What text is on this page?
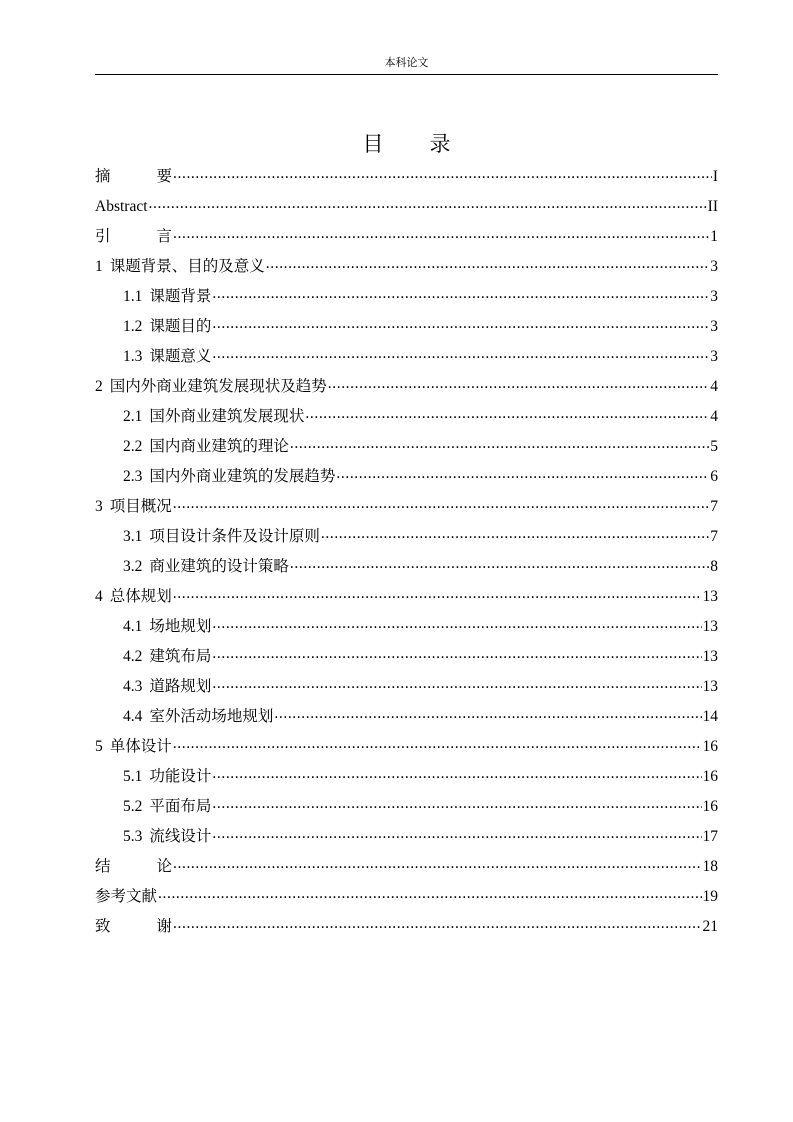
本科论文
目 录
摘	要 .....	I
Abstract .....	II
引	言 .....	1
1 课题背景、目的及意义 .....	3
1.1 课题背景 .....	3
1.2 课题目的 .....	3
1.3 课题意义 .....	3
2 国内外商业建筑发展现状及趋势 .....	4
2.1 国外商业建筑发展现状 .....	4
2.2 国内商业建筑的理论 .....	5
2.3 国内外商业建筑的发展趋势 .....	6
3 项目概况 .....	7
3.1 项目设计条件及设计原则 .....	7
3.2 商业建筑的设计策略 .....	8
4 总体规划 .....	13
4.1 场地规划 .....	13
4.2 建筑布局 .....	13
4.3 道路规划 .....	13
4.4 室外活动场地规划 .....	14
5 单体设计 .....	16
5.1 功能设计 .....	16
5.2 平面布局 .....	16
5.3 流线设计 .....	17
结	论 .....	18
参考文献 .....	19
致	谢 .....	21
